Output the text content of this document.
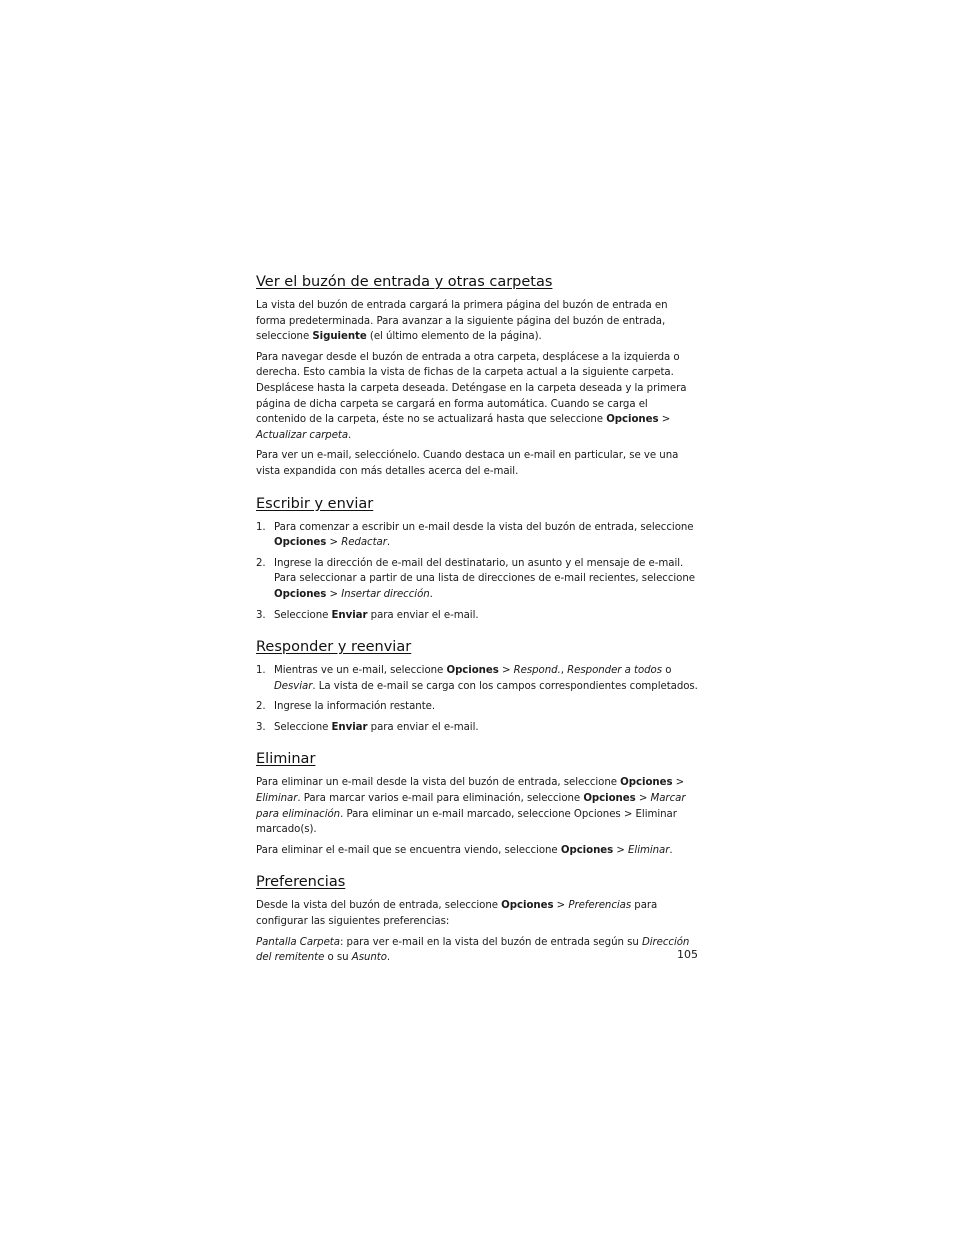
Ver el buzón de entrada y otras carpetas

La vista del buzón de entrada cargará la primera página del buzón de entrada en forma predeterminada. Para avanzar a la siguiente página del buzón de entrada, seleccione Siguiente (el último elemento de la página).

Para navegar desde el buzón de entrada a otra carpeta, desplácese a la izquierda o derecha. Esto cambia la vista de fichas de la carpeta actual a la siguiente carpeta. Desplácese hasta la carpeta deseada. Deténgase en la carpeta deseada y la primera página de dicha carpeta se cargará en forma automática. Cuando se carga el contenido de la carpeta, éste no se actualizará hasta que seleccione Opciones > Actualizar carpeta.

Para ver un e-mail, selecciónelo. Cuando destaca un e-mail en particular, se ve una vista expandida con más detalles acerca del e-mail.

Escribir y enviar
1. Para comenzar a escribir un e-mail desde la vista del buzón de entrada, seleccione Opciones > Redactar.
2. Ingrese la dirección de e-mail del destinatario, un asunto y el mensaje de e-mail. Para seleccionar a partir de una lista de direcciones de e-mail recientes, seleccione Opciones > Insertar dirección.
3. Seleccione Enviar para enviar el e-mail.
Responder y reenviar
1. Mientras ve un e-mail, seleccione Opciones > Respond., Responder a todos o Desviar. La vista de e-mail se carga con los campos correspondientes completados.
2. Ingrese la información restante.
3. Seleccione Enviar para enviar el e-mail.
Eliminar

Para eliminar un e-mail desde la vista del buzón de entrada, seleccione Opciones > Eliminar. Para marcar varios e-mail para eliminación, seleccione Opciones > Marcar para eliminación. Para eliminar un e-mail marcado, seleccione Opciones > Eliminar marcado(s).

Para eliminar el e-mail que se encuentra viendo, seleccione Opciones > Eliminar.

Preferencias

Desde la vista del buzón de entrada, seleccione Opciones > Preferencias para configurar las siguientes preferencias:

Pantalla Carpeta: para ver e-mail en la vista del buzón de entrada según su Dirección del remitente o su Asunto.	105
